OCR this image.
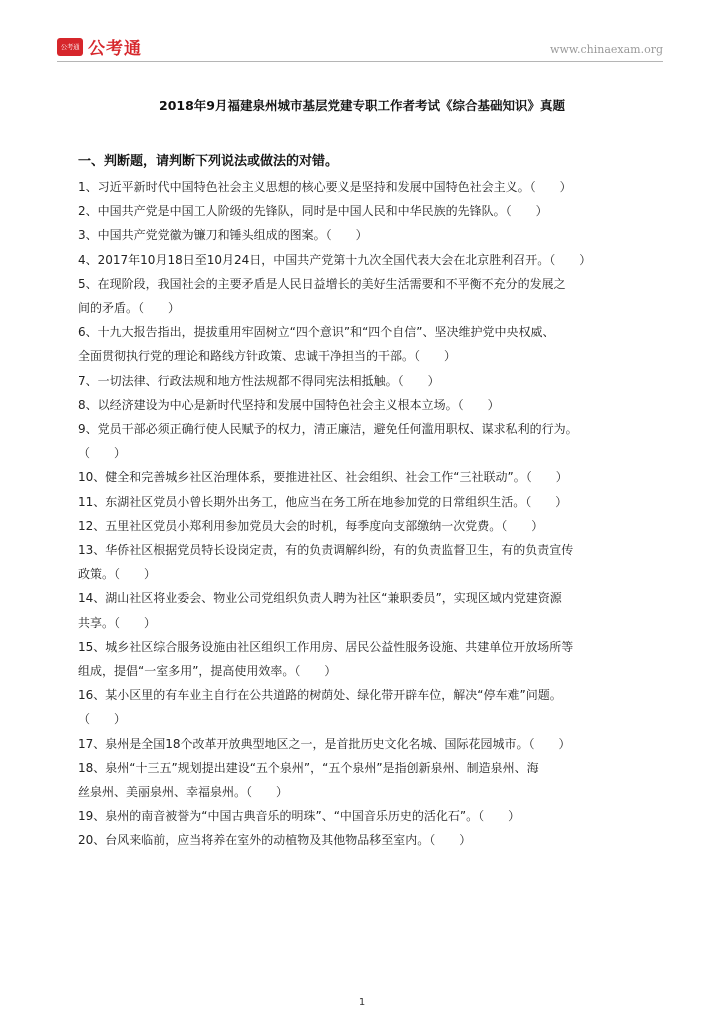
公考通 公考通	www.chinaexam.org
2018年9月福建泉州城市基层党建专职工作者考试《综合基础知识》真题
一、判断题，请判断下列说法或做法的对错。
1、习近平新时代中国特色社会主义思想的核心要义是坚持和发展中国特色社会主义。（　　）
2、中国共产党是中国工人阶级的先锋队，同时是中国人民和中华民族的先锋队。（　　）
3、中国共产党党徽为镰刀和锤头组成的图案。（　　）
4、2017年10月18日至10月24日，中国共产党第十九次全国代表大会在北京胜利召开。（　　）
5、在现阶段，我国社会的主要矛盾是人民日益增长的美好生活需要和不平衡不充分的发展之
间的矛盾。（　　）
6、十九大报告指出，提拔重用牢固树立“四个意识”和“四个自信”、坚决维护党中央权威、
全面贯彻执行党的理论和路线方针政策、忠诚干净担当的干部。（　　）
7、一切法律、行政法规和地方性法规都不得同宪法相抵触。（　　）
8、以经济建设为中心是新时代坚持和发展中国特色社会主义根本立场。（　　）
9、党员干部必须正确行使人民赋予的权力，清正廉洁，避免任何滥用职权、谋求私利的行为。
（　　）
10、健全和完善城乡社区治理体系，要推进社区、社会组织、社会工作“三社联动”。（　　）
11、东湖社区党员小曾长期外出务工，他应当在务工所在地参加党的日常组织生活。（　　）
12、五里社区党员小郑利用参加党员大会的时机，每季度向支部缴纳一次党费。（　　）
13、华侨社区根据党员特长设岗定责，有的负责调解纠纷，有的负责监督卫生，有的负责宣传
政策。（　　）
14、湖山社区将业委会、物业公司党组织负责人聘为社区“兼职委员”，实现区域内党建资源
共享。（　　）
15、城乡社区综合服务设施由社区组织工作用房、居民公益性服务设施、共建单位开放场所等
组成，提倡“一室多用”，提高使用效率。（　　）
16、某小区里的有车业主自行在公共道路的树荫处、绿化带开辟车位，解决“停车难”问题。
（　　）
17、泉州是全国18个改革开放典型地区之一，是首批历史文化名城、国际花园城市。（　　）
18、泉州“十三五”规划提出建设“五个泉州”，“五个泉州”是指创新泉州、制造泉州、海
丝泉州、美丽泉州、幸福泉州。（　　）
19、泉州的南音被誉为“中国古典音乐的明珠”、“中国音乐历史的活化石”。（　　）
20、台风来临前，应当将养在室外的动植物及其他物品移至室内。（　　）
1
